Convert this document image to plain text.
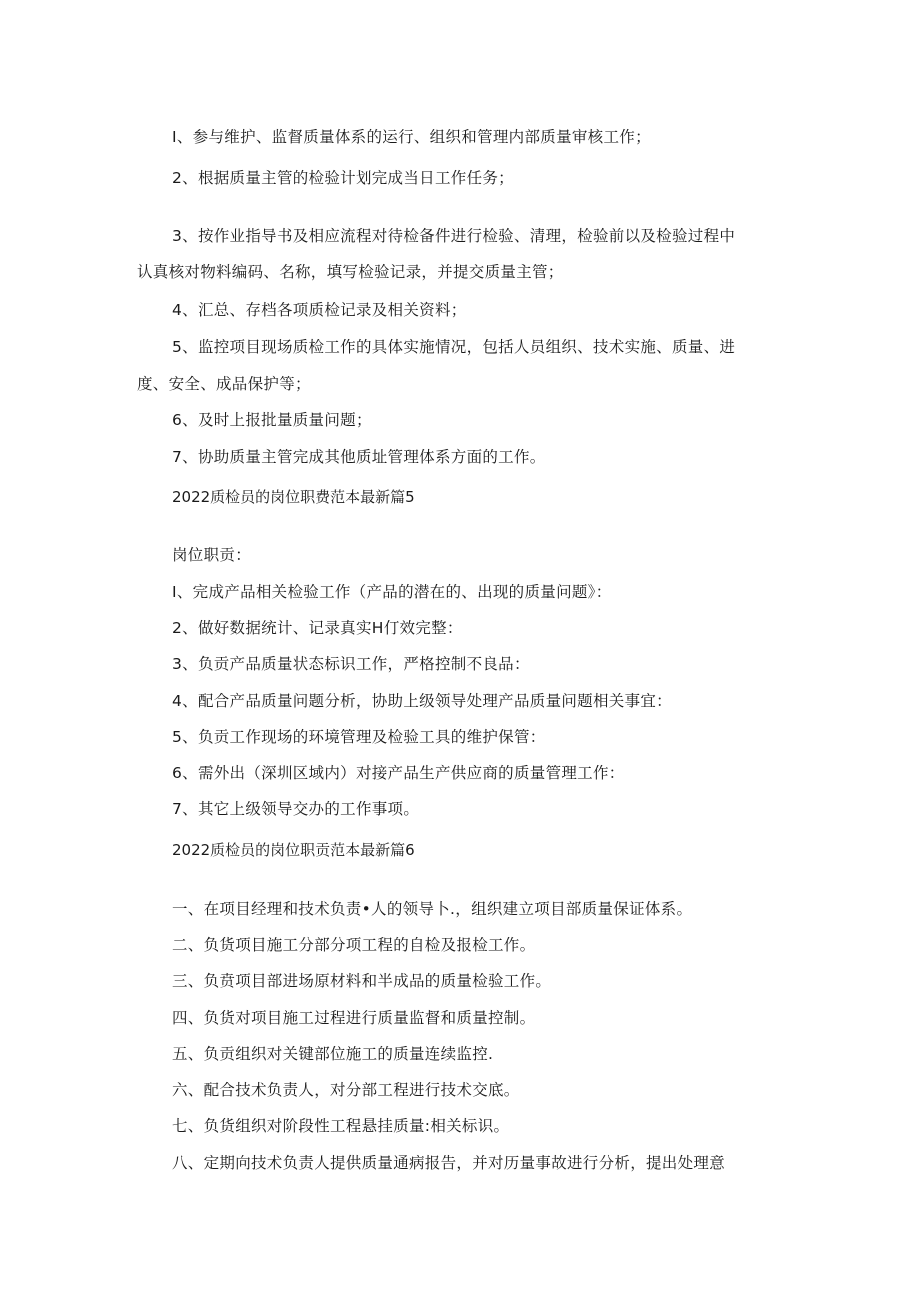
I、参与维护、监督质量体系的运行、组织和管理内部质量审核工作；
2、根据质量主管的检验计划完成当日工作任务；
3、按作业指导书及相应流程对待检备件进行检验、清理，检验前以及检验过程中
认真核对物料编码、名称，填写检验记录，并提交质量主管；
4、汇总、存档各项质检记录及相关资料；
5、监控项目现场质检工作的具体实施情况，包括人员组织、技术实施、质量、进
度、安全、成品保护等；
6、及时上报批量质量问题；
7、协助质量主管完成其他质址管理体系方面的工作。
2022质检员的岗位职费范本最新篇5
岗位职贡：
I、完成产品相关检验工作（产品的潜在的、出现的质量问题》：
2、做好数据统计、记录真实H仃效完整：
3、负贡产品质量状态标识工作，严格控制不良品：
4、配合产品质量问题分析，协助上级领导处理产品质量问题相关事宜：
5、负贡工作现场的环境管理及检验工具的维护保管：
6、需外出（深圳区域内）对接产品生产供应商的质量管理工作：
7、其它上级领导交办的工作事项。
2022质检员的岗位职贡范本最新篇6
一、在项目经理和技术负责•人的领导卜.，组织建立项目部质量保证体系。
二、负货项目施工分部分项工程的自检及报检工作。
三、负贲项目部进场原材料和半成品的质量检验工作。
四、负货对项目施工过程进行质量监督和质量控制。
五、负贡组织对关键部位施工的质量连续监控.
六、配合技术负责人，对分部工程进行技术交底。
七、负货组织对阶段性工程悬挂质量:相关标识。
八、定期向技术负责人提供质量通病报告，并对历量事故进行分析，提出处理意
